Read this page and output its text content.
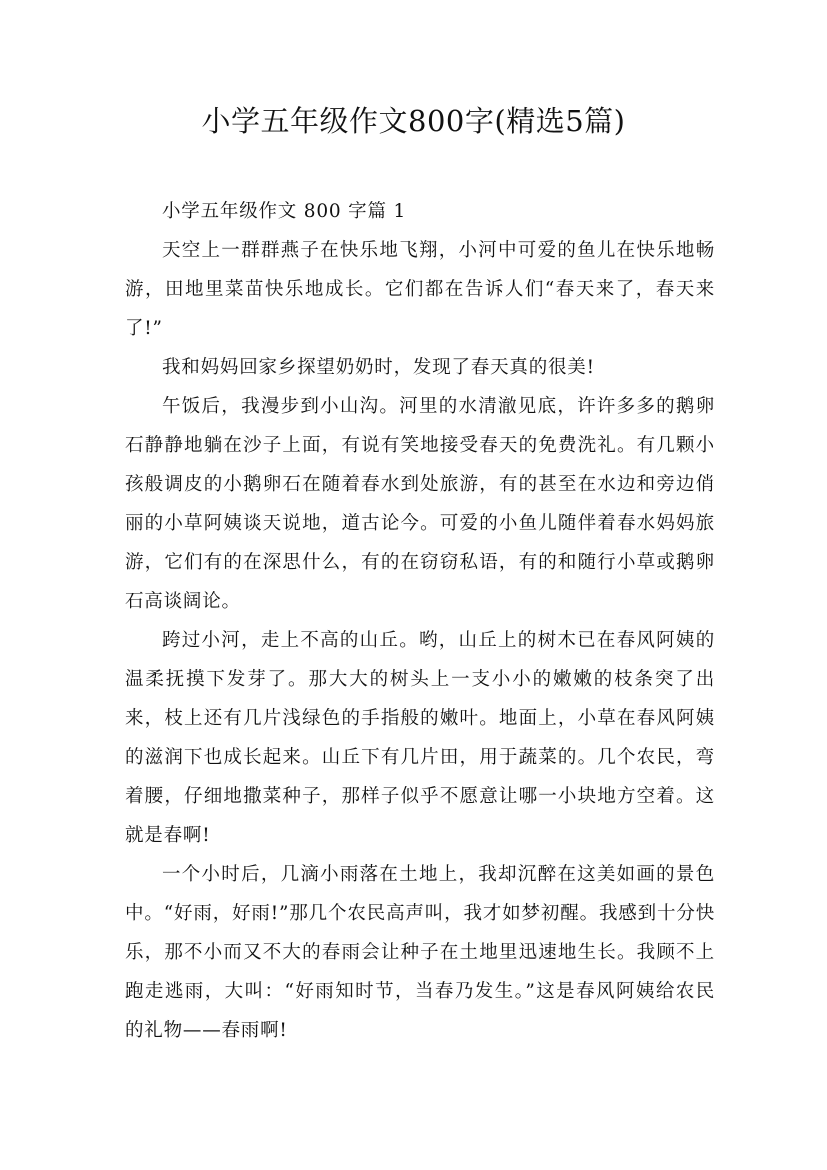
小学五年级作文800字(精选5篇)

小学五年级作文 800 字篇 1

天空上一群群燕子在快乐地飞翔，小河中可爱的鱼儿在快乐地畅游，田地里菜苗快乐地成长。它们都在告诉人们“春天来了，春天来了!”

我和妈妈回家乡探望奶奶时，发现了春天真的很美!

午饭后，我漫步到小山沟。河里的水清澈见底，许许多多的鹅卵石静静地躺在沙子上面，有说有笑地接受春天的免费洗礼。有几颗小孩般调皮的小鹅卵石在随着春水到处旅游，有的甚至在水边和旁边俏丽的小草阿姨谈天说地，道古论今。可爱的小鱼儿随伴着春水妈妈旅游，它们有的在深思什么，有的在窃窃私语，有的和随行小草或鹅卵石高谈阔论。

跨过小河，走上不高的山丘。哟，山丘上的树木已在春风阿姨的温柔抚摸下发芽了。那大大的树头上一支小小的嫩嫩的枝条突了出来，枝上还有几片浅绿色的手指般的嫩叶。地面上，小草在春风阿姨的滋润下也成长起来。山丘下有几片田，用于蔬菜的。几个农民，弯着腰，仔细地撒菜种子，那样子似乎不愿意让哪一小块地方空着。这就是春啊!

一个小时后，几滴小雨落在土地上，我却沉醉在这美如画的景色中。“好雨，好雨!”那几个农民高声叫，我才如梦初醒。我感到十分快乐，那不小而又不大的春雨会让种子在土地里迅速地生长。我顾不上跑走逃雨，大叫：“好雨知时节，当春乃发生。”这是春风阿姨给农民的礼物——春雨啊!
